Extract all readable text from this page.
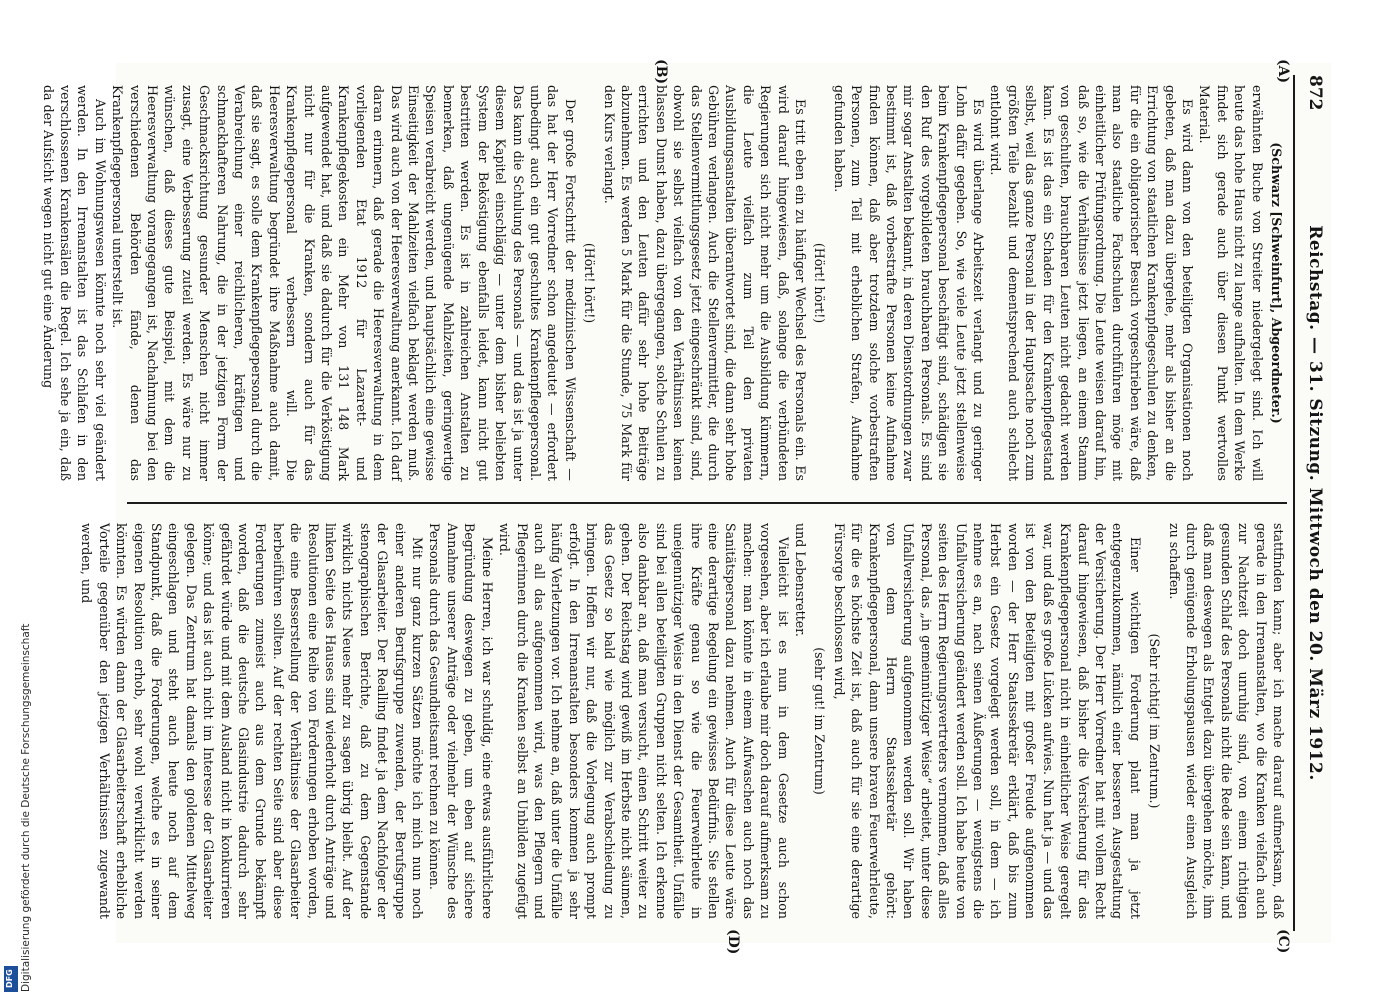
872
Reichstag. — 31. Sitzung. Mittwoch den 20. März 1912.
(A)
(B)
(C)
(D)

(Schwarz [Schweinfurt], Abgeordneter.)

erwähnten Buche von Streiter niedergelegt sind. Ich will heute das hohe Haus nicht zu lange aufhalten. In dem Werke findet sich gerade auch über diesen Punkt wertvolles Material.

Es wird dann von den beteiligten Organisationen noch gebeten, daß man dazu übergehe, mehr als bisher an die Errichtung von staatlichen Krankenpflegeschulen zu denken, für die ein obligatorischer Besuch vorgeschrieben wäre, daß man also staatliche Fachschulen durchführen möge mit einheitlicher Prüfungsordnung. Die Leute weisen darauf hin, daß so, wie die Verhältnisse jetzt liegen, an einem Stamm von geschulten, brauchbaren Leuten nicht gedacht werden kann. Es ist das ein Schaden für den Krankenpflegestand selbst, weil das ganze Personal in der Hauptsache noch zum größten Teile bezahlt und dementsprechend auch schlecht entlohnt wird.

Es wird überlange Arbeitszeit verlangt und zu geringer Lohn dafür gegeben. So, wie viele Leute jetzt stellenweise beim Krankenpflegepersonal beschäftigt sind, schädigen sie den Ruf des vorgebildeten brauchbaren Personals. Es sind mir sogar Anstalten bekannt, in deren Dienstordnungen zwar bestimmt ist, daß vorbestrafte Personen keine Aufnahme finden können, daß aber trotzdem solche vorbestraften Personen, zum Teil mit erheblichen Strafen, Aufnahme gefunden haben.

(Hört! hört!)

Es tritt eben ein zu häufiger Wechsel des Personals ein. Es wird darauf hingewiesen, daß, solange die verbündeten Regierungen sich nicht mehr um die Ausbildung kümmern, die Leute vielfach zum Teil den privaten Ausbildungsanstalten überantwortet sind, die dann sehr hohe Gebühren verlangen. Auch die Stellenvermittler, die durch das Stellenvermittlungsgesetz jetzt eingeschränkt sind, sind, obwohl sie selbst vielfach von den Verhältnissen keinen blassen Dunst haben, dazu übergegangen, solche Schulen zu errichten und den Leuten dafür sehr hohe Beiträge abzunehmen. Es werden 5 Mark für die Stunde, 75 Mark für den Kurs verlangt.

(Hört! hört!)

Der große Fortschritt der medizinischen Wissenschaft — das hat der Herr Vorredner schon angedeutet — erfordert unbedingt auch ein gut geschultes Krankenpflegepersonal. Das kann die Schulung des Personals — und das ist ja unter diesem Kapitel einschlägig — unter dem bisher beliebten System der Beköstigung ebenfalls leidet, kann nicht gut bestritten werden. Es ist in zahlreichen Anstalten zu bemerken, daß ungenügende Mahlzeiten, geringwertige Speisen verabreicht werden, und hauptsächlich eine gewisse Einseitigkeit der Mahlzeiten vielfach beklagt werden muß. Das wird auch von der Heeresverwaltung anerkannt. Ich darf daran erinnern, daß gerade die Heeresverwaltung in dem vorliegenden Etat 1912 für Lazarett- und Krankenpflegekosten ein Mehr von 131 148 Mark aufgewendet hat, und daß sie dadurch für die Verköstigung nicht nur für die Kranken, sondern auch für das Krankenpflegepersonal verbessern will. Die Heeresverwaltung begründet ihre Maßnahme auch damit, daß sie sagt, es solle dem Krankenpflegepersonal durch die Verabreichung einer reichlicheren, kräftigen und schmackhafteren Nahrung, die in der jetzigen Form der Geschmacksrichtung gesunder Menschen nicht immer zusagt, eine Verbesserung zuteil werden. Es wäre nur zu wünschen, daß dieses gute Beispiel, mit dem die Heeresverwaltung vorangegangen ist, Nachahmung bei den verschiedenen Behörden fände, denen das Krankenpflegepersonal unterstellt ist.

Auch im Wohnungswesen könnte noch sehr viel geändert werden. In den Irrenanstalten ist das Schlafen in den verschlossenen Krankensälen die Regel. Ich sehe ja ein, daß da der Aufsicht wegen nicht gut eine Änderung

stattfinden kann; aber ich mache darauf aufmerksam, daß gerade in den Irrenanstalten, wo die Kranken vielfach auch zur Nachtzeit doch unruhig sind, von einem richtigen gesunden Schlaf des Personals nicht die Rede sein kann, und daß man deswegen als Entgelt dazu übergehen möchte, ihm durch genügende Erholungspausen wieder einen Ausgleich zu schaffen.

(Sehr richtig! im Zentrum.)

Einer wichtigen Forderung plant man ja jetzt entgegenzukommen, nämlich einer besseren Ausgestaltung der Versicherung. Der Herr Vorredner hat mit vollem Recht darauf hingewiesen, daß bisher die Versicherung für das Krankenpflegepersonal nicht in einheitlicher Weise geregelt war, und daß es große Lücken aufwies. Nun hat ja — und das ist von den Beteiligten mit großer Freude aufgenommen worden — der Herr Staatssekretär erklärt, daß bis zum Herbst ein Gesetz vorgelegt werden soll, in dem — ich nehme es an, nach seinen Äußerungen — wenigstens die Unfallversicherung geändert werden soll. Ich habe heute von seiten des Herrn Regierungsvertreters vernommen, daß alles Personal, das „in gemeinnütziger Weise“ arbeitet, unter diese Unfallversicherung aufgenommen werden soll. Wir haben von dem Herrn Staatssekretär gehört: Krankenpflegepersonal, dann unsere braven Feuerwehrleute, für die es höchste Zeit ist, daß auch für sie eine derartige Fürsorge beschlossen wird,

(sehr gut! im Zentrum)

und Lebensretter.

Vielleicht ist es nun in dem Gesetze auch schon vorgesehen, aber ich erlaube mir doch darauf aufmerksam zu machen: man könnte in einem Aufwaschen auch noch das Sanitätspersonal dazu nehmen. Auch für diese Leute wäre eine derartige Regelung ein gewisses Bedürfnis. Sie stellen ihre Kräfte genau so wie die Feuerwehrleute in uneigennütziger Weise in den Dienst der Gesamtheit. Unfälle sind bei allen beteiligten Gruppen nicht selten. Ich erkenne also dankbar an, daß man versucht, einen Schritt weiter zu gehen. Der Reichstag wird gewiß im Herbste nicht säumen, das Gesetz so bald wie möglich zur Verabschiedung zu bringen. Hoffen wir nur, daß die Vorlegung auch prompt erfolgt. In den Irrenanstalten besonders kommen ja sehr häufig Verletzungen vor. Ich nehme an, daß unter die Unfälle auch all das aufgenommen wird, was den Pflegern und Pflegerinnen durch die Kranken selbst an Unbilden zugefügt wird.

Meine Herren, ich war schuldig, eine etwas ausführlichere Begründung deswegen zu geben, um eben auf sichere Annahme unserer Anträge oder vielmehr der Wünsche des Personals durch das Gesundheitsamt rechnen zu können.

Mit nur ganz kurzen Sätzen möchte ich mich nun noch einer anderen Berufsgruppe zuwenden, der Berufsgruppe der Glasarbeiter. Der Realling findet ja dem Nachfolger der stenographischen Berichte, daß zu dem Gegenstande wirklich nichts Neues mehr zu sagen übrig bleibt. Auf der linken Seite des Hauses sind wiederholt durch Anträge und Resolutionen eine Reihe von Forderungen erhoben worden, die eine Besserstellung der Verhältnisse der Glasarbeiter herbeiführen sollten. Auf der rechten Seite sind aber diese Forderungen zumeist auch aus dem Grunde bekämpft worden, daß die deutsche Glasindustrie dadurch sehr gefährdet würde und mit dem Ausland nicht in konkurrieren könne; und das ist auch nicht im Interesse der Glasarbeiter gelegen. Das Zentrum hat damals den goldenen Mittelweg eingeschlagen und steht auch heute noch auf dem Standpunkt, daß die Forderungen, welche es in seiner eigenen Resolution erhob, sehr wohl verwirklicht werden könnten. Es würden dann der Glasarbeiterschaft erhebliche Vorteile gegenüber den jetzigen Verhältnissen zugewandt werden, und

Digitalisierung gefördert durch die Deutsche Forschungsgemeinschaft
DFG
